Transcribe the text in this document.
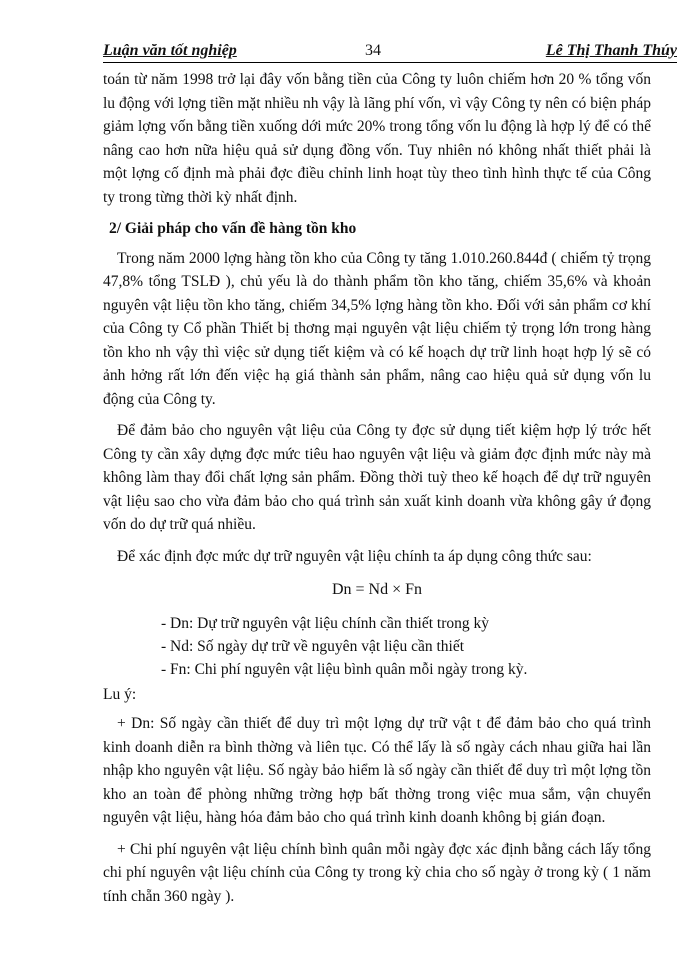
Luận văn tốt nghiệp	34	Lê Thị Thanh Thúy

toán từ năm 1998 trở lại đây vốn bằng tiền của Công ty luôn chiếm hơn 20 % tổng vốn lu động với lợng tiền mặt nhiều nh vậy là lãng phí vốn, vì vậy Công ty nên có biện pháp giảm lợng vốn bằng tiền xuống dới mức 20% trong tổng vốn lu động là hợp lý để có thể nâng cao hơn nữa hiệu quả sử dụng đồng vốn. Tuy nhiên nó không nhất thiết phải là một lợng cố định mà phải đợc điều chỉnh linh hoạt tùy theo tình hình thực tế của Công ty trong từng thời kỳ nhất định.

2/ Giải pháp cho vấn đề hàng tồn kho

Trong năm 2000 lợng hàng tồn kho của Công ty tăng 1.010.260.844đ ( chiếm tỷ trọng 47,8% tổng TSLĐ ), chủ yếu là do thành phẩm tồn kho tăng, chiếm 35,6% và khoản nguyên vật liệu tồn kho tăng, chiếm 34,5% lợng hàng tồn kho. Đối với sản phẩm cơ khí của Công ty Cổ phần Thiết bị thơng mại nguyên vật liệu chiếm tỷ trọng lớn trong hàng tồn kho nh vậy thì việc sử dụng tiết kiệm và có kế hoạch dự trữ linh hoạt hợp lý sẽ có ảnh hởng rất lớn đến việc hạ giá thành sản phẩm, nâng cao hiệu quả sử dụng vốn lu động của Công ty.

Để đảm bảo cho nguyên vật liệu của Công ty đợc sử dụng tiết kiệm hợp lý trớc hết Công ty cần xây dựng đợc mức tiêu hao nguyên vật liệu và giảm đợc định mức này mà không làm thay đổi chất lợng sản phẩm. Đồng thời tuỳ theo kế hoạch để dự trữ nguyên vật liệu sao cho vừa đảm bảo cho quá trình sản xuất kinh doanh vừa không gây ứ đọng vốn do dự trữ quá nhiều.

Để xác định đợc mức dự trữ nguyên vật liệu chính ta áp dụng công thức sau:

Dn = Nd × Fn

- Dn: Dự trữ nguyên vật liệu chính cần thiết trong kỳ
- Nd: Số ngày dự trữ về nguyên vật liệu cần thiết
- Fn: Chi phí nguyên vật liệu bình quân mỗi ngày trong kỳ.

Lu ý:

+ Dn: Số ngày cần thiết để duy trì một lợng dự trữ vật t để đảm bảo cho quá trình kinh doanh diễn ra bình thờng và liên tục. Có thể lấy là số ngày cách nhau giữa hai lần nhập kho nguyên vật liệu. Số ngày bảo hiểm là số ngày cần thiết để duy trì một lợng tồn kho an toàn để phòng những trờng hợp bất thờng trong việc mua sắm, vận chuyển nguyên vật liệu, hàng hóa đảm bảo cho quá trình kinh doanh không bị gián đoạn.

+ Chi phí nguyên vật liệu chính bình quân mỗi ngày đợc xác định bằng cách lấy tổng chi phí nguyên vật liệu chính của Công ty trong kỳ chia cho số ngày ở trong kỳ ( 1 năm tính chẵn 360 ngày ).
